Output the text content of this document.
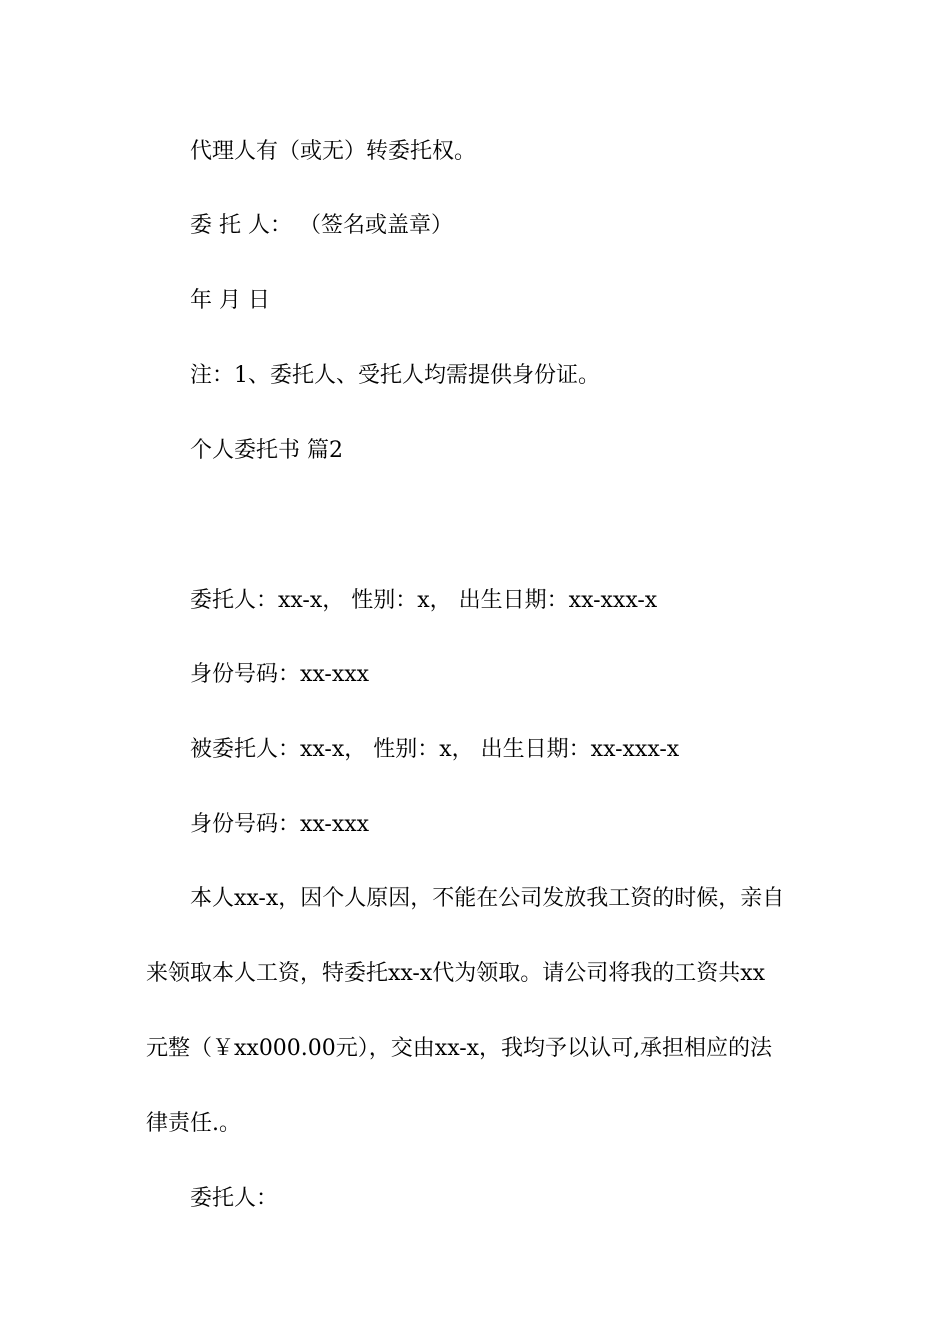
代理人有（或无）转委托权。

委 托 人： （签名或盖章）

年 月 日

注：1、委托人、受托人均需提供身份证。

个人委托书 篇2

委托人：xx-x， 性别：x， 出生日期：xx-xxx-x

身份号码：xx-xxx

被委托人：xx-x， 性别：x， 出生日期：xx-xxx-x

身份号码：xx-xxx

本人xx-x，因个人原因，不能在公司发放我工资的时候，亲自

来领取本人工资，特委托xx-x代为领取。请公司将我的工资共xx

元整（￥xx000.00元），交由xx-x，我均予以认可,承担相应的法

律责任.。

委托人：
